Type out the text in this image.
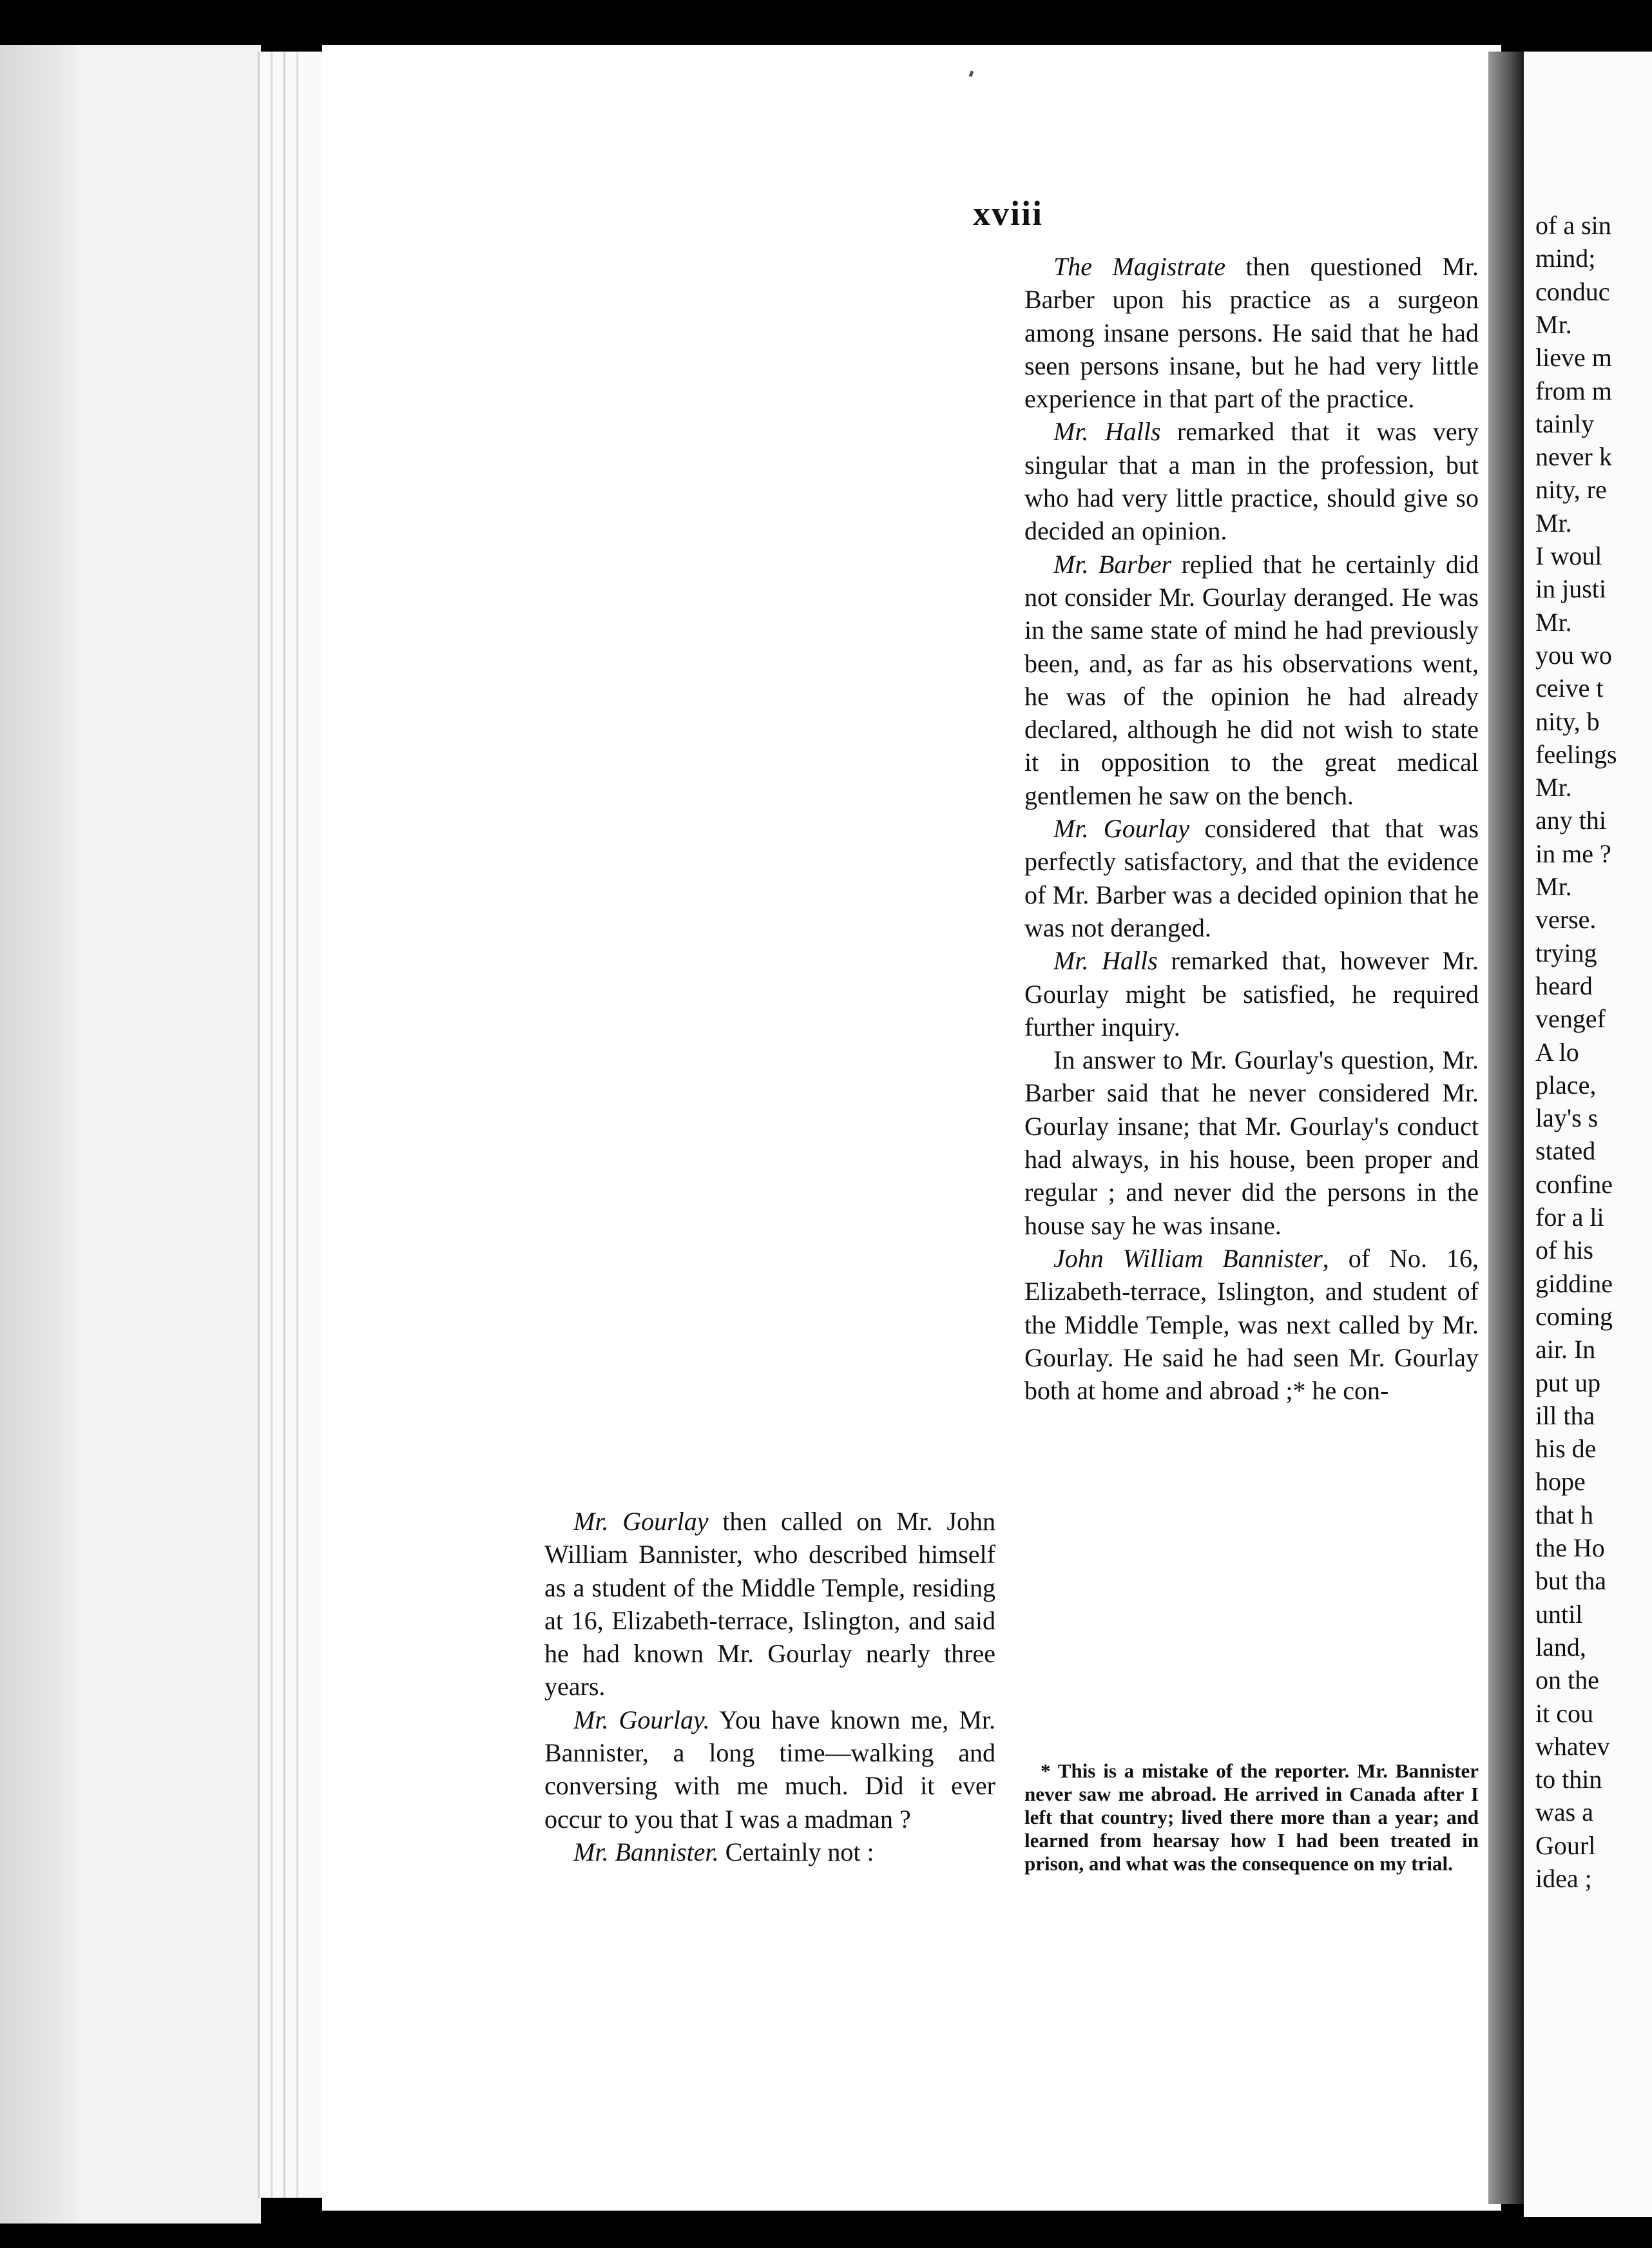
xviii

The Magistrate then questioned Mr. Barber upon his practice as a surgeon among insane persons. He said that he had seen persons insane, but he had very little experience in that part of the practice.

Mr. Halls remarked that it was very singular that a man in the profession, but who had very little practice, should give so decided an opinion.

Mr. Barber replied that he certainly did not consider Mr. Gourlay deranged. He was in the same state of mind he had previously been, and, as far as his observations went, he was of the opinion he had already declared, although he did not wish to state it in opposition to the great medical gentlemen he saw on the bench.

Mr. Gourlay considered that that was perfectly satisfactory, and that the evidence of Mr. Barber was a decided opinion that he was not deranged.

Mr. Halls remarked that, however Mr. Gourlay might be satisfied, he required further inquiry.

In answer to Mr. Gourlay's question, Mr. Barber said that he never considered Mr. Gourlay insane; that Mr. Gourlay's conduct had always, in his house, been proper and regular ; and never did the persons in the house say he was insane.

John William Bannister, of No. 16, Elizabeth-terrace, Islington, and student of the Middle Temple, was next called by Mr. Gourlay. He said he had seen Mr. Gourlay both at home and abroad ;* he con-

Mr. Gourlay then called on Mr. John William Bannister, who described himself as a student of the Middle Temple, residing at 16, Elizabeth-terrace, Islington, and said he had known Mr. Gourlay nearly three years.

Mr. Gourlay. You have known me, Mr. Bannister, a long time—walking and conversing with me much. Did it ever occur to you that I was a madman ?

Mr. Bannister. Certainly not :

* This is a mistake of the reporter. Mr. Bannister never saw me abroad. He arrived in Canada after I left that country; lived there more than a year; and learned from hearsay how I had been treated in prison, and what was the consequence on my trial.

of a sin
mind;
conduc
Mr.
lieve m
from m
tainly
never k
nity, re
Mr.
I woul
in justi
Mr.
you wo
ceive t
nity, b
feelings
Mr.
any thi
in me ?
Mr.
verse.
trying
heard
vengef
A lo
place,
lay's s
stated
confine
for a li
of his
giddine
coming
air. In
put up
ill tha
his de
hope
that h
the Ho
but tha
until
land,
on the
it cou
whatev
to thin
was a
Gourl
idea ;
